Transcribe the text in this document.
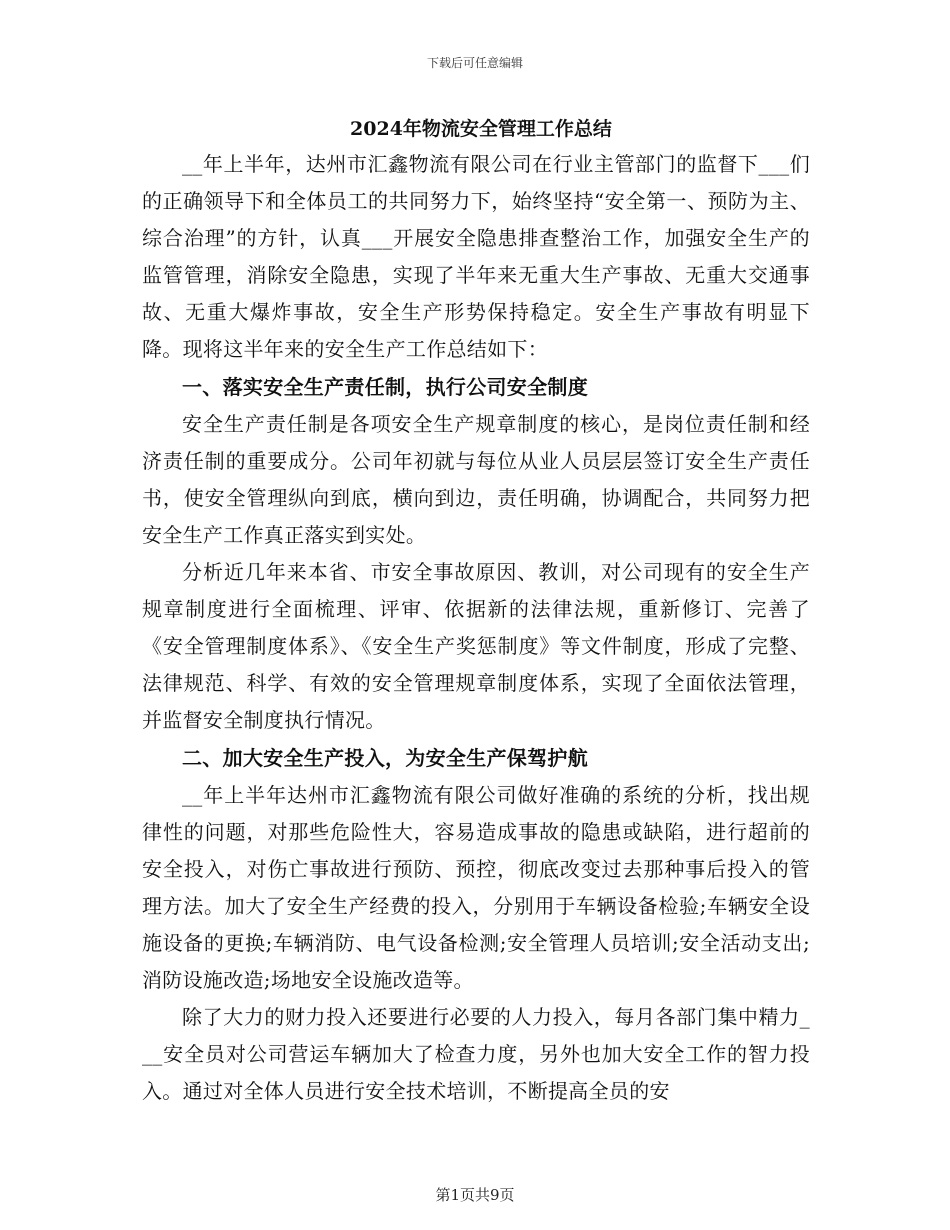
下载后可任意编辑
2024年物流安全管理工作总结

__年上半年，达州市汇鑫物流有限公司在行业主管部门的监督下___们的正确领导下和全体员工的共同努力下，始终坚持“安全第一、预防为主、综合治理”的方针，认真___开展安全隐患排查整治工作，加强安全生产的监管管理，消除安全隐患，实现了半年来无重大生产事故、无重大交通事故、无重大爆炸事故，安全生产形势保持稳定。安全生产事故有明显下降。现将这半年来的安全生产工作总结如下：

一、落实安全生产责任制，执行公司安全制度

安全生产责任制是各项安全生产规章制度的核心，是岗位责任制和经济责任制的重要成分。公司年初就与每位从业人员层层签订安全生产责任书，使安全管理纵向到底，横向到边，责任明确，协调配合，共同努力把安全生产工作真正落实到实处。

分析近几年来本省、市安全事故原因、教训，对公司现有的安全生产规章制度进行全面梳理、评审、依据新的法律法规，重新修订、完善了《安全管理制度体系》、《安全生产奖惩制度》等文件制度，形成了完整、法律规范、科学、有效的安全管理规章制度体系，实现了全面依法管理，并监督安全制度执行情况。

二、加大安全生产投入，为安全生产保驾护航

__年上半年达州市汇鑫物流有限公司做好准确的系统的分析，找出规律性的问题，对那些危险性大，容易造成事故的隐患或缺陷，进行超前的安全投入，对伤亡事故进行预防、预控，彻底改变过去那种事后投入的管理方法。加大了安全生产经费的投入，分别用于车辆设备检验;车辆安全设施设备的更换;车辆消防、电气设备检测;安全管理人员培训;安全活动支出;消防设施改造;场地安全设施改造等。

除了大力的财力投入还要进行必要的人力投入，每月各部门集中精力___安全员对公司营运车辆加大了检查力度，另外也加大安全工作的智力投入。通过对全体人员进行安全技术培训，不断提高全员的安

第1页共9页
